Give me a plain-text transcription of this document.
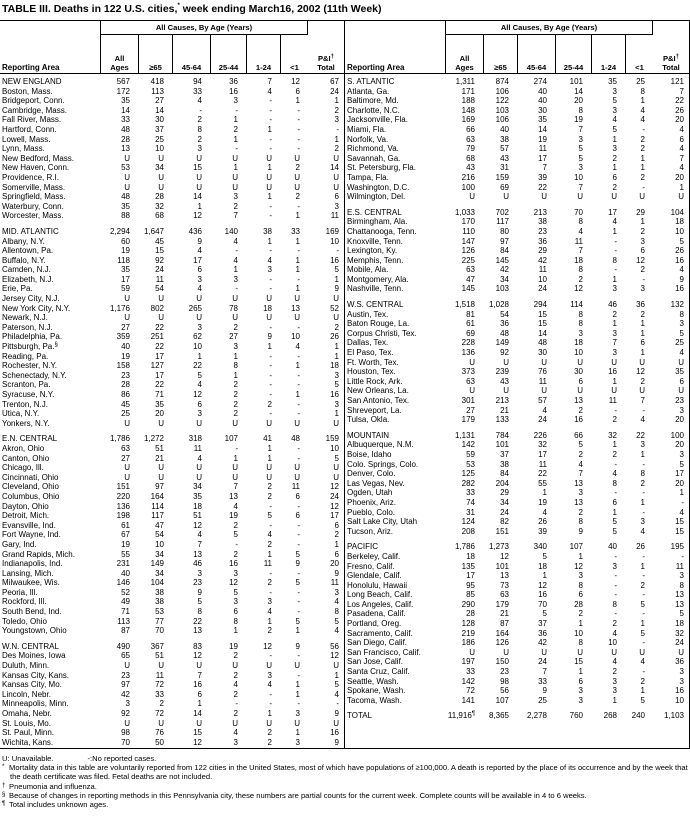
TABLE III. Deaths in 122 U.S. cities,* week ending March16, 2002 (11th Week)
All Causes, By Age (Years)
P&I†
Total
Reporting Area
All
Ages	≥65	45-64 25-44 1-24	<1
NEW ENGLAND	567	418	94	36	7	12	67
Boston, Mass.	172	113	33	16	4	6	24
Bridgeport, Conn.	35	27	4	3	-	1	1
Cambridge, Mass.	14	14	-	-	-	-	2
Fall River, Mass.	33	30	2	1	-	-	3
Hartford, Conn.	48	37	8	2	1	-	-
Lowell, Mass.	28	25	2	1	-	-	1
Lynn, Mass.	13	10	3	-	-	-	2
New Bedford, Mass.	U	U	U	U	U	U	U
New Haven, Conn.	53	34	15	1	1	2	14
Providence, R.I.	U	U	U	U	U	U	U
Somerville, Mass.	U	U	U	U	U	U	U
Springfield, Mass.	48	28	14	3	1	2	6
Waterbury, Conn.	35	32	1	2	-	-	3
Worcester, Mass.	88	68	12	7	-	1	11
MID. ATLANTIC	2,294	1,647	436	140	38	33	169
Albany, N.Y.	60	45	9	4	1	1	10
Allentown, Pa.	19	15	4	-	-	-	-
Buffalo, N.Y.	118	92	17	4	4	1	16
Camden, N.J.	35	24	6	1	3	1	5
Elizabeth, N.J.	17	11	3	3	-	-	1
Erie, Pa.	59	54	4	-	-	1	9
Jersey City, N.J.	U	U	U	U	U	U	U
New York City, N.Y.	1,176	802	265	78	18	13	52
Newark, N.J.	U	U	U	U	U	U	U
Paterson, N.J.	27	22	3	2	-	-	2
Philadelphia, Pa.	359	251	62	27	9	10	26
Pittsburgh, Pa.§	40	22	10	3	1	4	1
Reading, Pa.	19	17	1	1	-	-	1
Rochester, N.Y.	158	127	22	8	-	1	18
Schenectady, N.Y.	23	17	5	1	-	-	3
Scranton, Pa.	28	22	4	2	-	-	5
Syracuse, N.Y.	86	71	12	2	-	1	16
Trenton, N.J.	45	35	6	2	2	-	3
Utica, N.Y.	25	20	3	2	-	-	1
Yonkers, N.Y.	U	U	U	U	U	U	U
E.N. CENTRAL	1,786	1,272	318	107	41	48	159
Akron, Ohio	63	51	11	-	1	-	10
Canton, Ohio	27	21	4	1	1	-	5
Chicago, Ill.	U	U	U	U	U	U	U
Cincinnati, Ohio	U	U	U	U	U	U	U
Cleveland, Ohio	151	97	34	7	2	11	12
Columbus, Ohio	220	164	35	13	2	6	24
Dayton, Ohio	136	114	18	4	-	-	12
Detroit, Mich.	198	117	51	19	5	6	17
Evansville, Ind.	61	47	12	2	-	-	6
Fort Wayne, Ind.	67	54	4	5	4	-	2
Gary, Ind.	19	10	7	-	2	-	1
Grand Rapids, Mich.	55	34	13	2	1	5	6
Indianapolis, Ind.	231	149	46	16	11	9	20
Lansing, Mich.	40	34	3	3	-	-	9
Milwaukee, Wis.	146	104	23	12	2	5	11
Peoria, Ill.	52	38	9	5	-	-	3
Rockford, Ill.	49	38	5	3	3	-	4
South Bend, Ind.	71	53	8	6	4	-	8
Toledo, Ohio	113	77	22	8	1	5	5
Youngstown, Ohio	87	70	13	1	2	1	4
W.N. CENTRAL	490	367	83	19	12	9	56
Des Moines, Iowa	65	51	12	2	-	-	12
Duluth, Minn.	U	U	U	U	U	U	U
Kansas City, Kans.	23	11	7	2	3	-	1
Kansas City, Mo.	97	72	16	4	4	1	5
Lincoln, Nebr.	42	33	6	2	-	1	4
Minneapolis, Minn.	3	2	1	-	-	-	-
Omaha, Nebr.	92	72	14	2	1	3	9
St. Louis, Mo.	U	U	U	U	U	U	U
St. Paul, Minn.	98	76	15	4	2	1	16
Wichita, Kans.	70	50	12	3	2	3	9
All Causes, By Age (Years)
P&I†
Total
Reporting Area
All
Ages	≥65	45-64 25-44 1-24	<1
S. ATLANTIC	1,311	874	274	101	35	25	121
Atlanta, Ga.	171	106	40	14	3	8	7
Baltimore, Md.	188	122	40	20	5	1	22
Charlotte, N.C.	148	103	30	8	3	4	26
Jacksonville, Fla.	169	106	35	19	4	4	20
Miami, Fla.	66	40	14	7	5	-	4
Norfolk, Va.	63	38	19	3	1	2	6
Richmond, Va.	79	57	11	5	3	2	4
Savannah, Ga.	68	43	17	5	2	1	7
St. Petersburg, Fla.	43	31	7	3	1	1	4
Tampa, Fla.	216	159	39	10	6	2	20
Washington, D.C.	100	69	22	7	2	-	1
Wilmington, Del.	U	U	U	U	U	U	U
E.S. CENTRAL	1,033	702	213	70	17	29	104
Birmingham, Ala.	170	117	38	8	4	1	18
Chattanooga, Tenn.	110	80	23	4	1	2	10
Knoxville, Tenn.	147	97	36	11	-	3	5
Lexington, Ky.	126	84	29	7	-	6	26
Memphis, Tenn.	225	145	42	18	8	12	16
Mobile, Ala.	63	42	11	8	-	2	4
Montgomery, Ala.	47	34	10	2	1	-	9
Nashville, Tenn.	145	103	24	12	3	3	16
W.S. CENTRAL	1,518	1,028	294	114	46	36	132
Austin, Tex.	81	54	15	8	2	2	8
Baton Rouge, La.	61	36	15	8	1	1	3
Corpus Christi, Tex.	69	48	14	3	3	1	5
Dallas, Tex.	228	149	48	18	7	6	25
El Paso, Tex.	136	92	30	10	3	1	4
Ft. Worth, Tex.	U	U	U	U	U	U	U
Houston, Tex.	373	239	76	30	16	12	35
Little Rock, Ark.	63	43	11	6	1	2	6
New Orleans, La.	U	U	U	U	U	U	U
San Antonio, Tex.	301	213	57	13	11	7	23
Shreveport, La.	27	21	4	2	-	-	3
Tulsa, Okla.	179	133	24	16	2	4	20
MOUNTAIN	1,131	784	226	66	32	22	100
Albuquerque, N.M.	142	101	32	5	1	3	20
Boise, Idaho	59	37	17	2	2	1	3
Colo. Springs, Colo.	53	38	11	4	-	-	5
Denver, Colo.	125	84	22	7	4	8	17
Las Vegas, Nev.	282	204	55	13	8	2	20
Ogden, Utah	33	29	1	3	-	-	1
Phoenix, Ariz.	74	34	19	13	6	1	-
Pueblo, Colo.	31	24	4	2	1	-	4
Salt Lake City, Utah	124	82	26	8	5	3	15
Tucson, Ariz.	208	151	39	9	5	4	15
PACIFIC	1,786	1,273	340	107	40	26	195
Berkeley, Calif.	18	12	5	1	-	-	-
Fresno, Calif.	135	101	18	12	3	1	11
Glendale, Calif.	17	13	1	3	-	-	3
Honolulu, Hawaii	95	73	12	8	-	2	8
Long Beach, Calif.	85	63	16	6	-	-	13
Los Angeles, Calif.	290	179	70	28	8	5	13
Pasadena, Calif.	28	21	5	2	-	-	5
Portland, Oreg.	128	87	37	1	2	1	18
Sacramento, Calif.	219	164	36	10	4	5	32
San Diego, Calif.	186	126	42	8	10	-	24
San Francisco, Calif.	U	U	U	U	U	U	U
San Jose, Calif.	197	150	24	15	4	4	36
Santa Cruz, Calif.	33	23	7	1	2	-	3
Seattle, Wash.	142	98	33	6	3	2	3
Spokane, Wash.	72	56	9	3	3	1	16
Tacoma, Wash.	141	107	25	3	1	5	10
TOTAL	11,916¶	8,365	2,278	760	268	240	1,103
U: Unavailable.	-:No reported cases.
* Mortality data in this table are voluntarily reported from 122 cities in the United States, most of which have populations of ≥100,000. A death is reported by the place of its occurrence and by the week that the death certificate was filed. Fetal deaths are not included.
† Pneumonia and influenza.
§ Because of changes in reporting methods in this Pennsylvania city, these numbers are partial counts for the current week. Complete counts will be available in 4 to 6 weeks.
¶ Total includes unknown ages.
